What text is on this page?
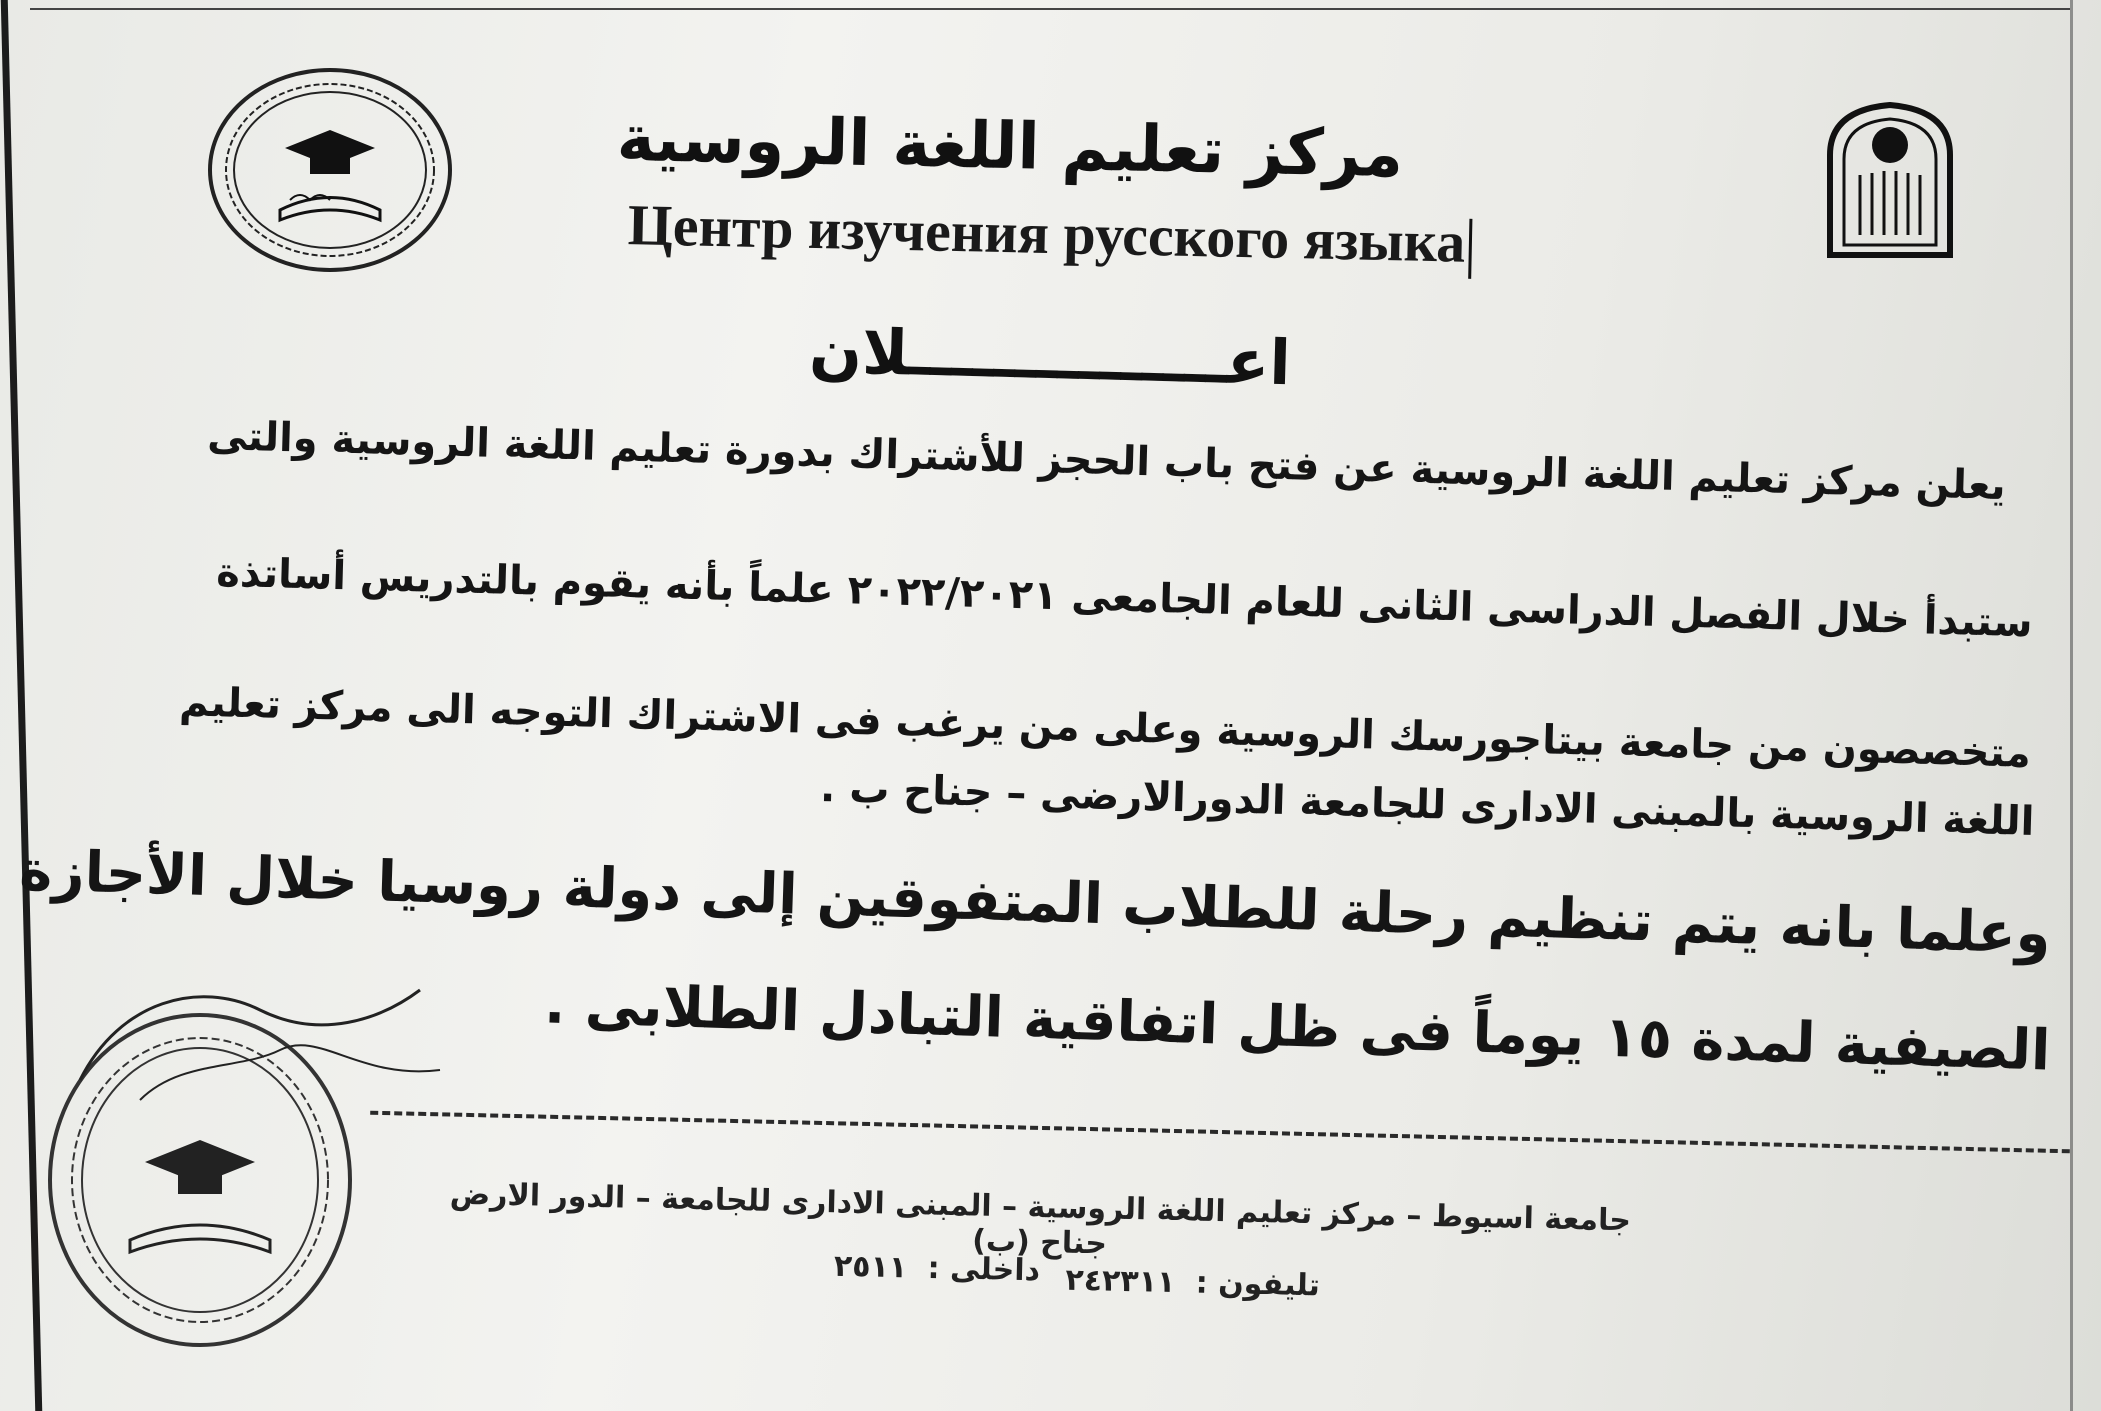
مركز تعليم اللغة الروسية
Центр изучения русского языка
اعـــــــــــــــلان
يعلن مركز تعليم اللغة الروسية عن فتح باب الحجز للأشتراك بدورة تعليم اللغة الروسية والتى
ستبدأ خلال الفصل الدراسى الثانى للعام الجامعى ٢٠٢٢/٢٠٢١ علماً بأنه يقوم بالتدريس أساتذة
متخصصون من جامعة بيتاجورسك الروسية وعلى من يرغب فى الاشتراك التوجه الى مركز تعليم
اللغة الروسية بالمبنى الادارى للجامعة الدورالارضى – جناح ب .
وعلما بانه يتم تنظيم رحلة للطلاب المتفوقين إلى دولة روسيا خلال الأجازة
الصيفية لمدة ١٥ يوماً فى ظل اتفاقية التبادل الطلابى .
جامعة اسيوط – مركز تعليم اللغة الروسية – المبنى الادارى للجامعة – الدور الارض جناح (ب)
تليفون : ٢٤٢٣١١
داخلى : ٢٥١١
